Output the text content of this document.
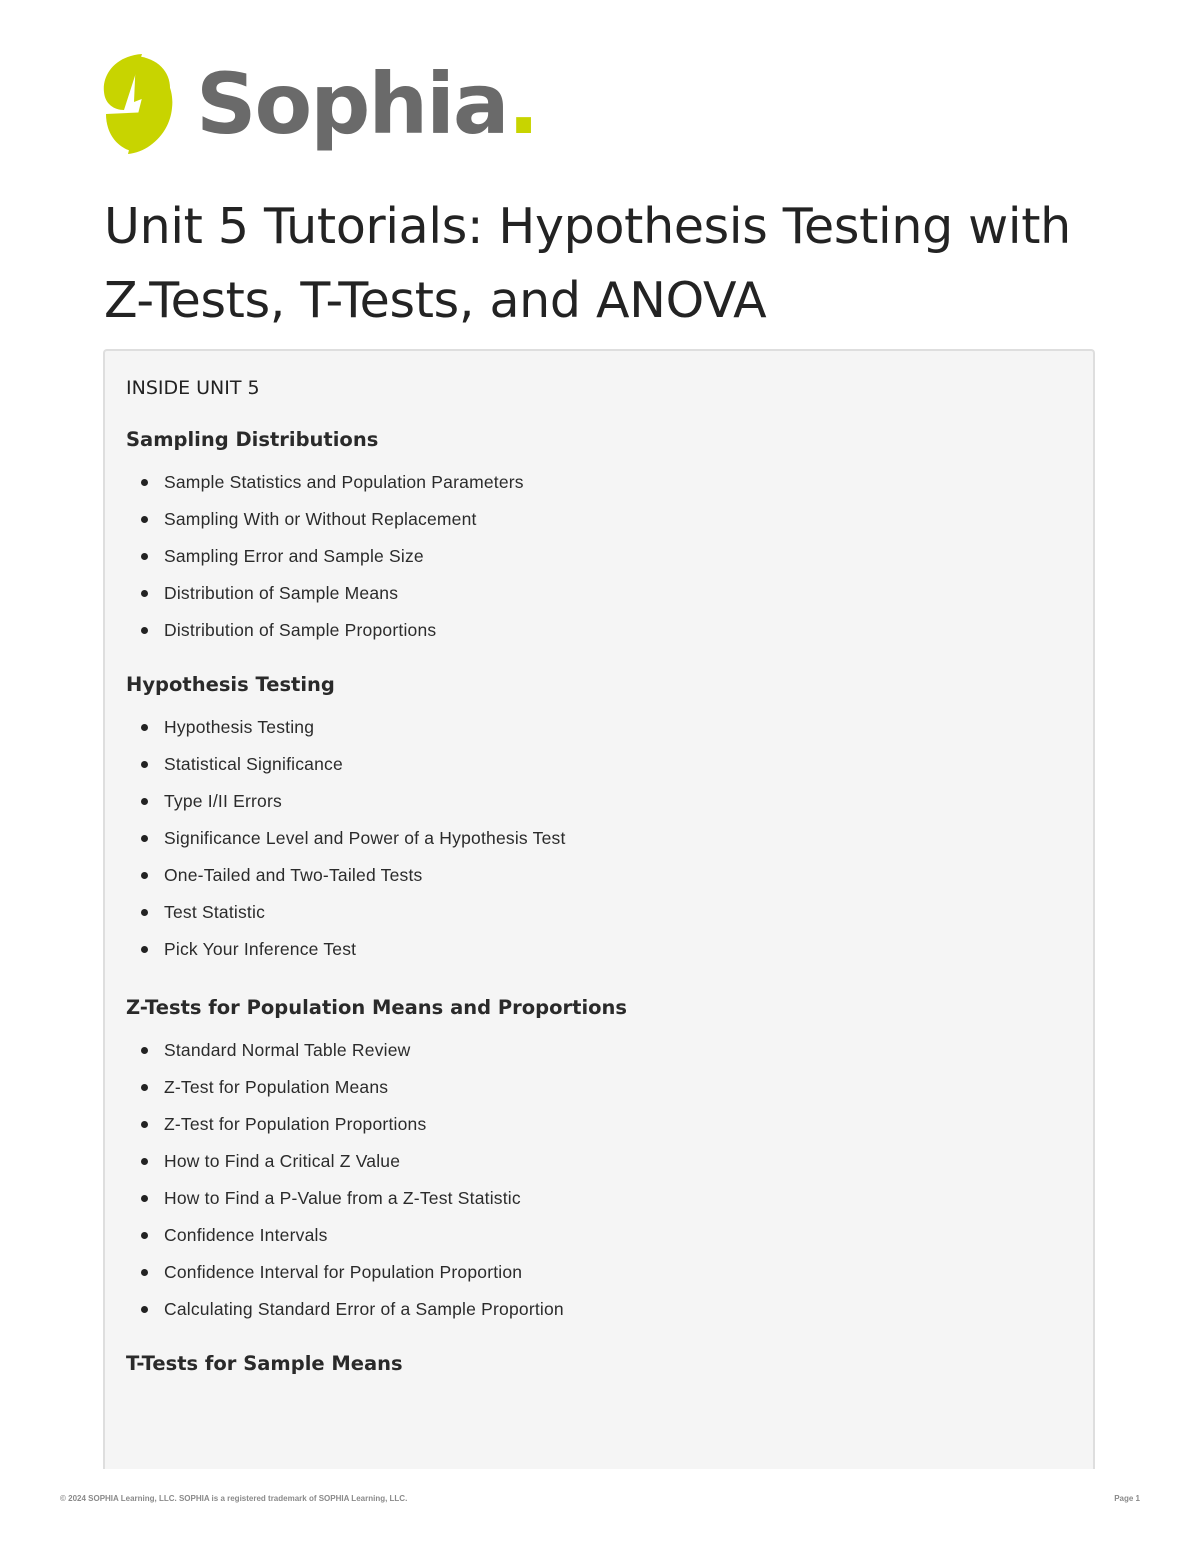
Sophia.
Unit 5 Tutorials: Hypothesis Testing with
Z-Tests, T-Tests, and ANOVA

INSIDE UNIT 5

Sampling Distributions

Sample Statistics and Population Parameters
Sampling With or Without Replacement
Sampling Error and Sample Size
Distribution of Sample Means
Distribution of Sample Proportions

Hypothesis Testing

Hypothesis Testing
Statistical Significance
Type I/II Errors
Significance Level and Power of a Hypothesis Test
One-Tailed and Two-Tailed Tests
Test Statistic
Pick Your Inference Test

Z-Tests for Population Means and Proportions

Standard Normal Table Review
Z-Test for Population Means
Z-Test for Population Proportions
How to Find a Critical Z Value
How to Find a P-Value from a Z-Test Statistic
Confidence Intervals
Confidence Interval for Population Proportion
Calculating Standard Error of a Sample Proportion

T-Tests for Sample Means

© 2024 SOPHIA Learning, LLC. SOPHIA is a registered trademark of SOPHIA Learning, LLC.	Page 1
